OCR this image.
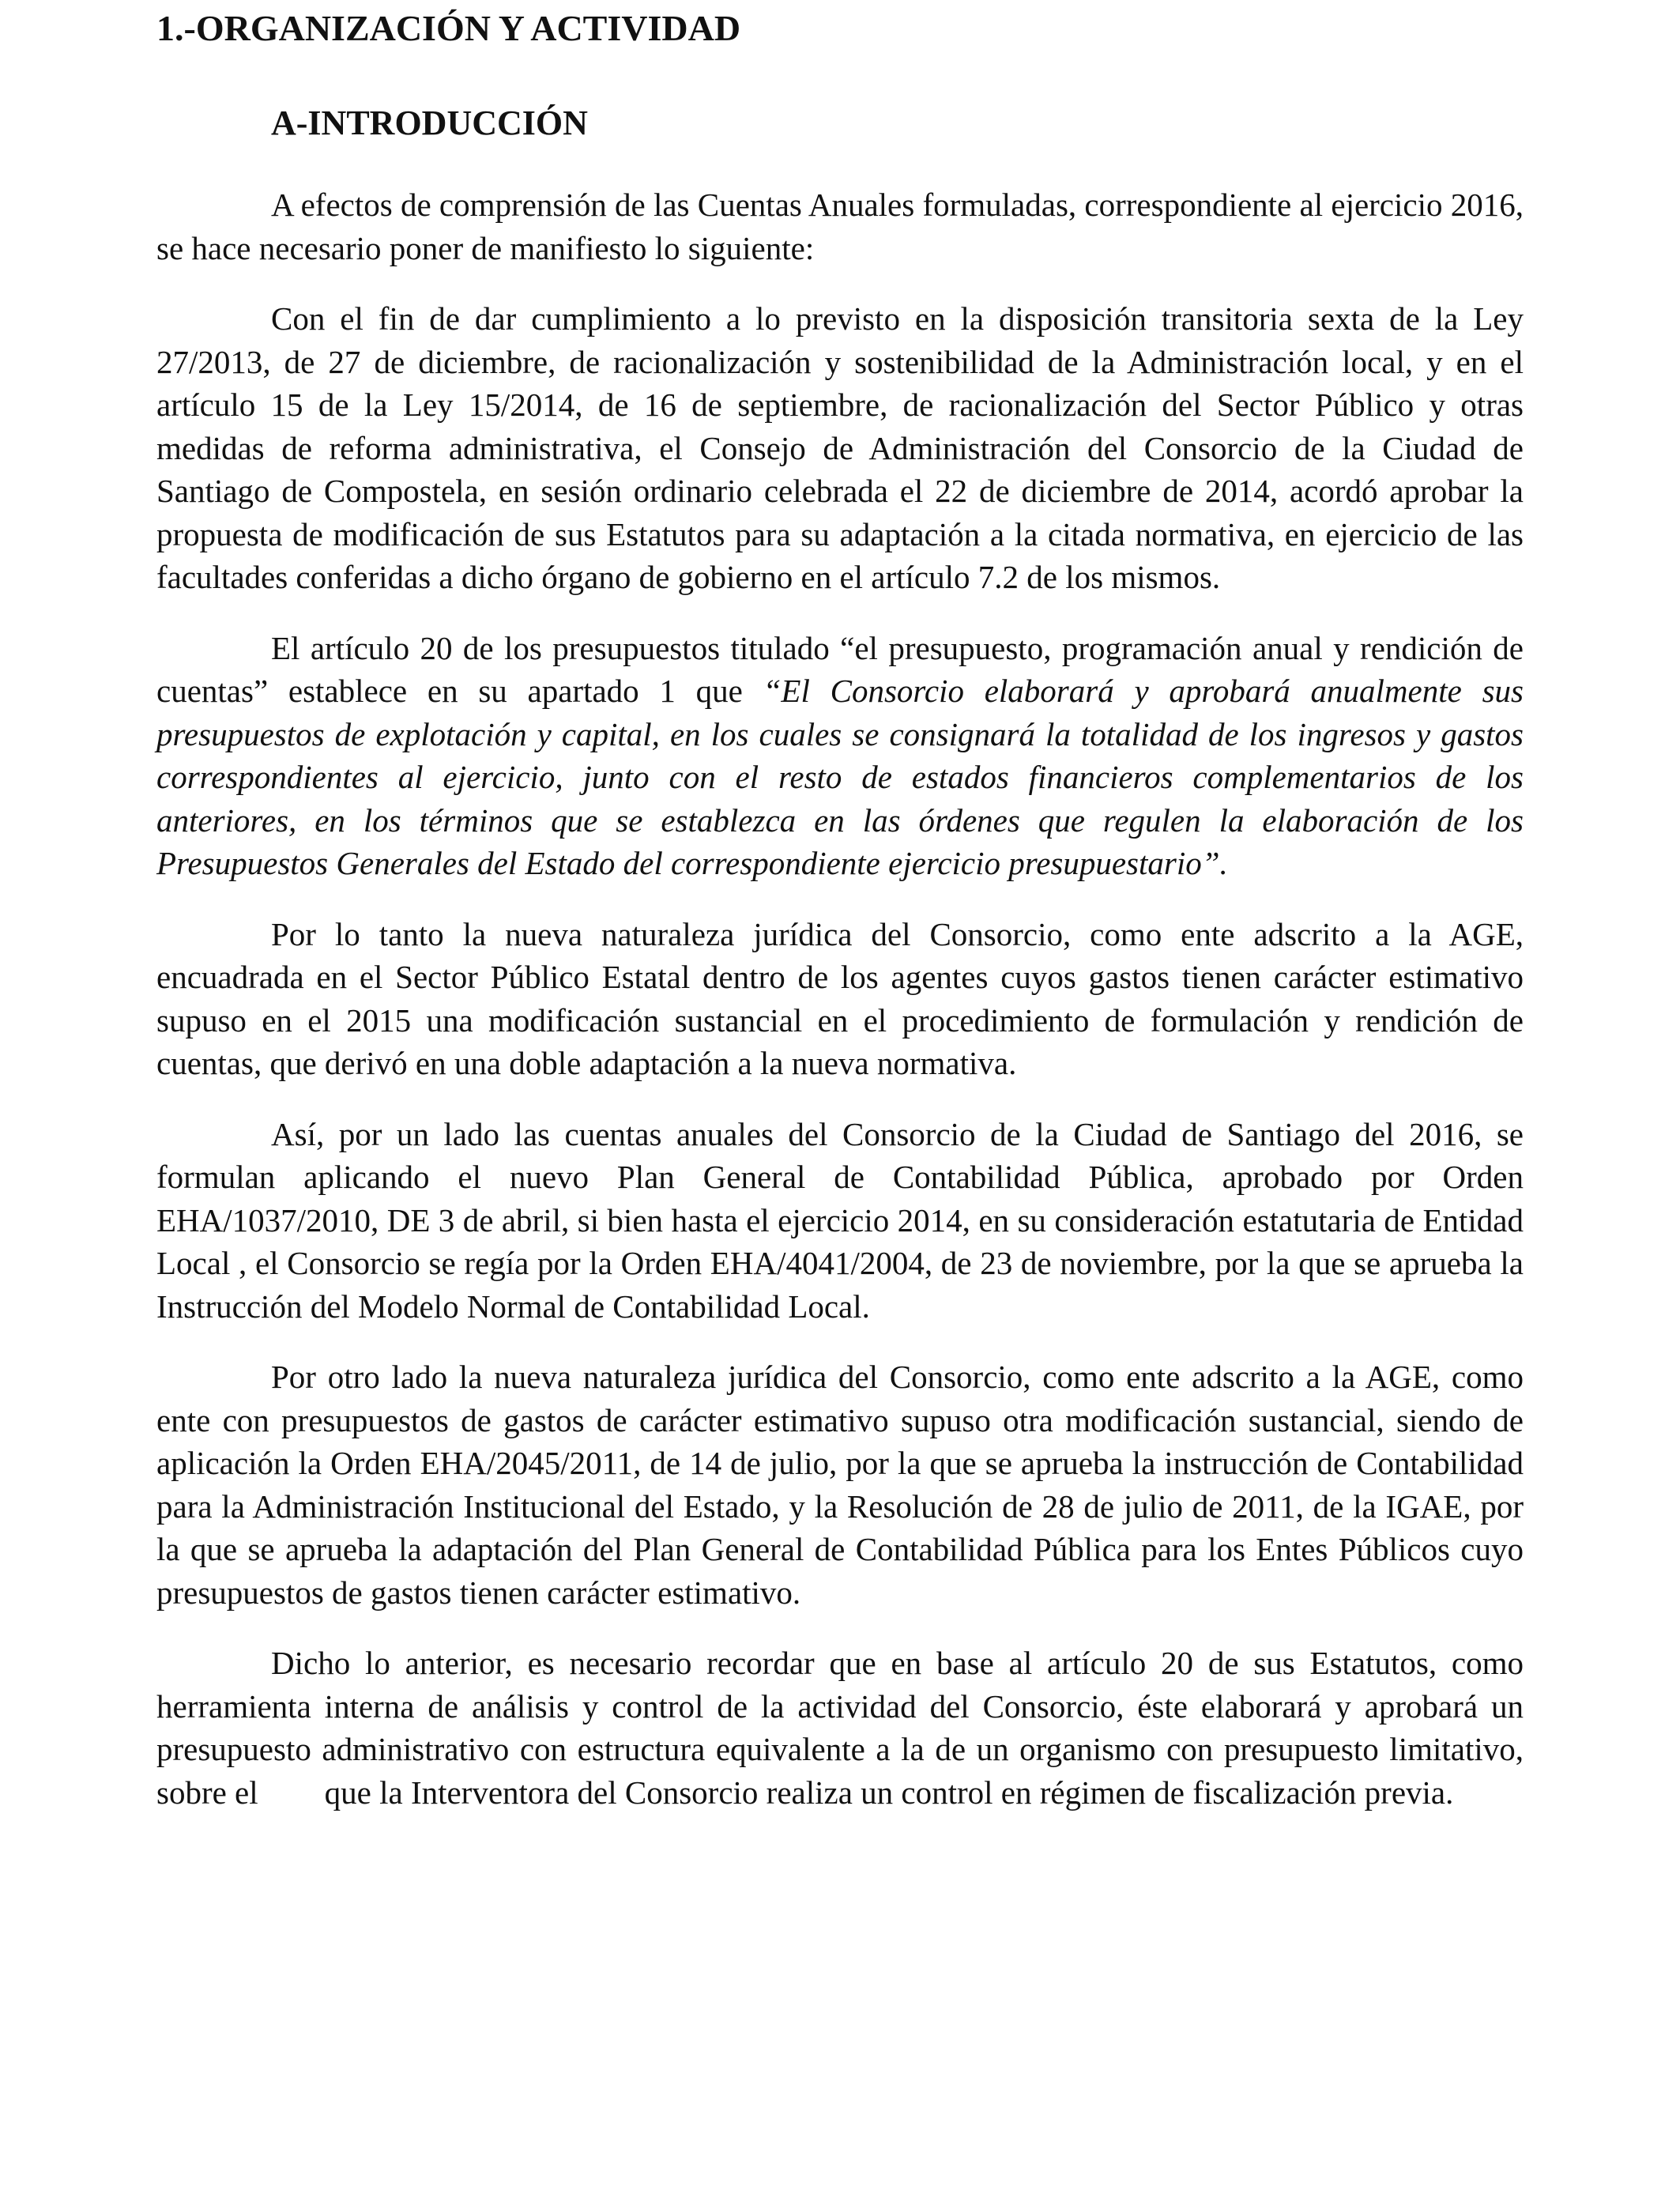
1.-ORGANIZACIÓN Y ACTIVIDAD
A-INTRODUCCIÓN

A efectos de comprensión de las Cuentas Anuales formuladas, correspondiente al ejercicio 2016, se hace necesario poner de manifiesto lo siguiente:

Con el fin de dar cumplimiento a lo previsto en la disposición transitoria sexta de la Ley 27/2013, de 27 de diciembre, de racionalización y sostenibilidad de la Administración local, y en el artículo 15 de la Ley 15/2014, de 16 de septiembre, de racionalización del Sector Público y otras medidas de reforma administrativa, el Consejo de Administración del Consorcio de la Ciudad de Santiago de Compostela, en sesión ordinario celebrada el 22 de diciembre de 2014, acordó aprobar la propuesta de modificación de sus Estatutos para su adaptación a la citada normativa, en ejercicio de las facultades conferidas a dicho órgano de gobierno en el artículo 7.2 de los mismos.

El artículo 20 de los presupuestos titulado “el presupuesto, programación anual y rendición de cuentas” establece en su apartado 1 que “El Consorcio elaborará y aprobará anualmente sus presupuestos de explotación y capital, en los cuales se consignará la totalidad de los ingresos y gastos correspondientes al ejercicio, junto con el resto de estados financieros complementarios de los anteriores, en los términos que se establezca en las órdenes que regulen la elaboración de los Presupuestos Generales del Estado del correspondiente ejercicio presupuestario”.

Por lo tanto la nueva naturaleza jurídica del Consorcio, como ente adscrito a la AGE, encuadrada en el Sector Público Estatal dentro de los agentes cuyos gastos tienen carácter estimativo supuso en el 2015 una modificación sustancial en el procedimiento de formulación y rendición de cuentas, que derivó en una doble adaptación a la nueva normativa.

Así, por un lado las cuentas anuales del Consorcio de la Ciudad de Santiago del 2016, se formulan aplicando el nuevo Plan General de Contabilidad Pública, aprobado por Orden EHA/1037/2010, DE 3 de abril, si bien hasta el ejercicio 2014, en su consideración estatutaria de Entidad Local , el Consorcio se regía por la Orden EHA/4041/2004, de 23 de noviembre, por la que se aprueba la Instrucción del Modelo Normal de Contabilidad Local.

Por otro lado la nueva naturaleza jurídica del Consorcio, como ente adscrito a la AGE, como ente con presupuestos de gastos de carácter estimativo supuso otra modificación sustancial, siendo de aplicación la Orden EHA/2045/2011, de 14 de julio, por la que se aprueba la instrucción de Contabilidad para la Administración Institucional del Estado, y la Resolución de 28 de julio de 2011, de la IGAE, por la que se aprueba la adaptación del Plan General de Contabilidad Pública para los Entes Públicos cuyo presupuestos de gastos tienen carácter estimativo.

Dicho lo anterior, es necesario recordar que en base al artículo 20 de sus Estatutos, como herramienta interna de análisis y control de la actividad del Consorcio, éste elaborará y aprobará un presupuesto administrativo con estructura equivalente a la de un organismo con presupuesto limitativo, sobre el que la Interventora del Consorcio realiza un control en régimen de fiscalización previa.
